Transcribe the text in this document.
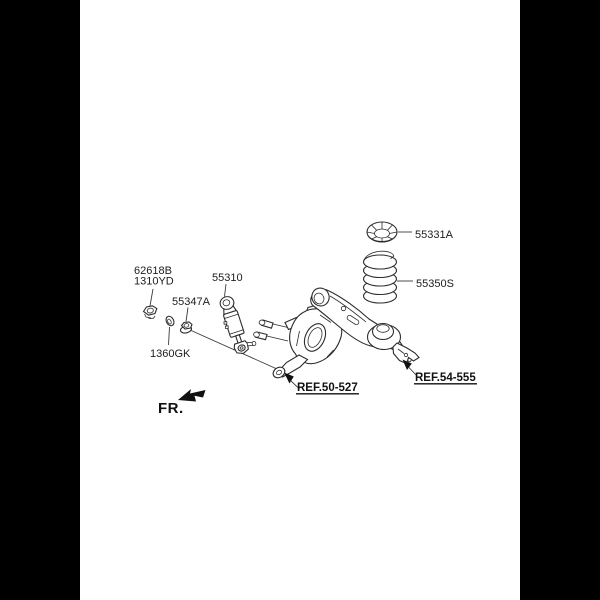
62618B
1310YD
55347A
1360GK
55310
55331A
55350S
REF.50-527
REF.54-555
FR.
